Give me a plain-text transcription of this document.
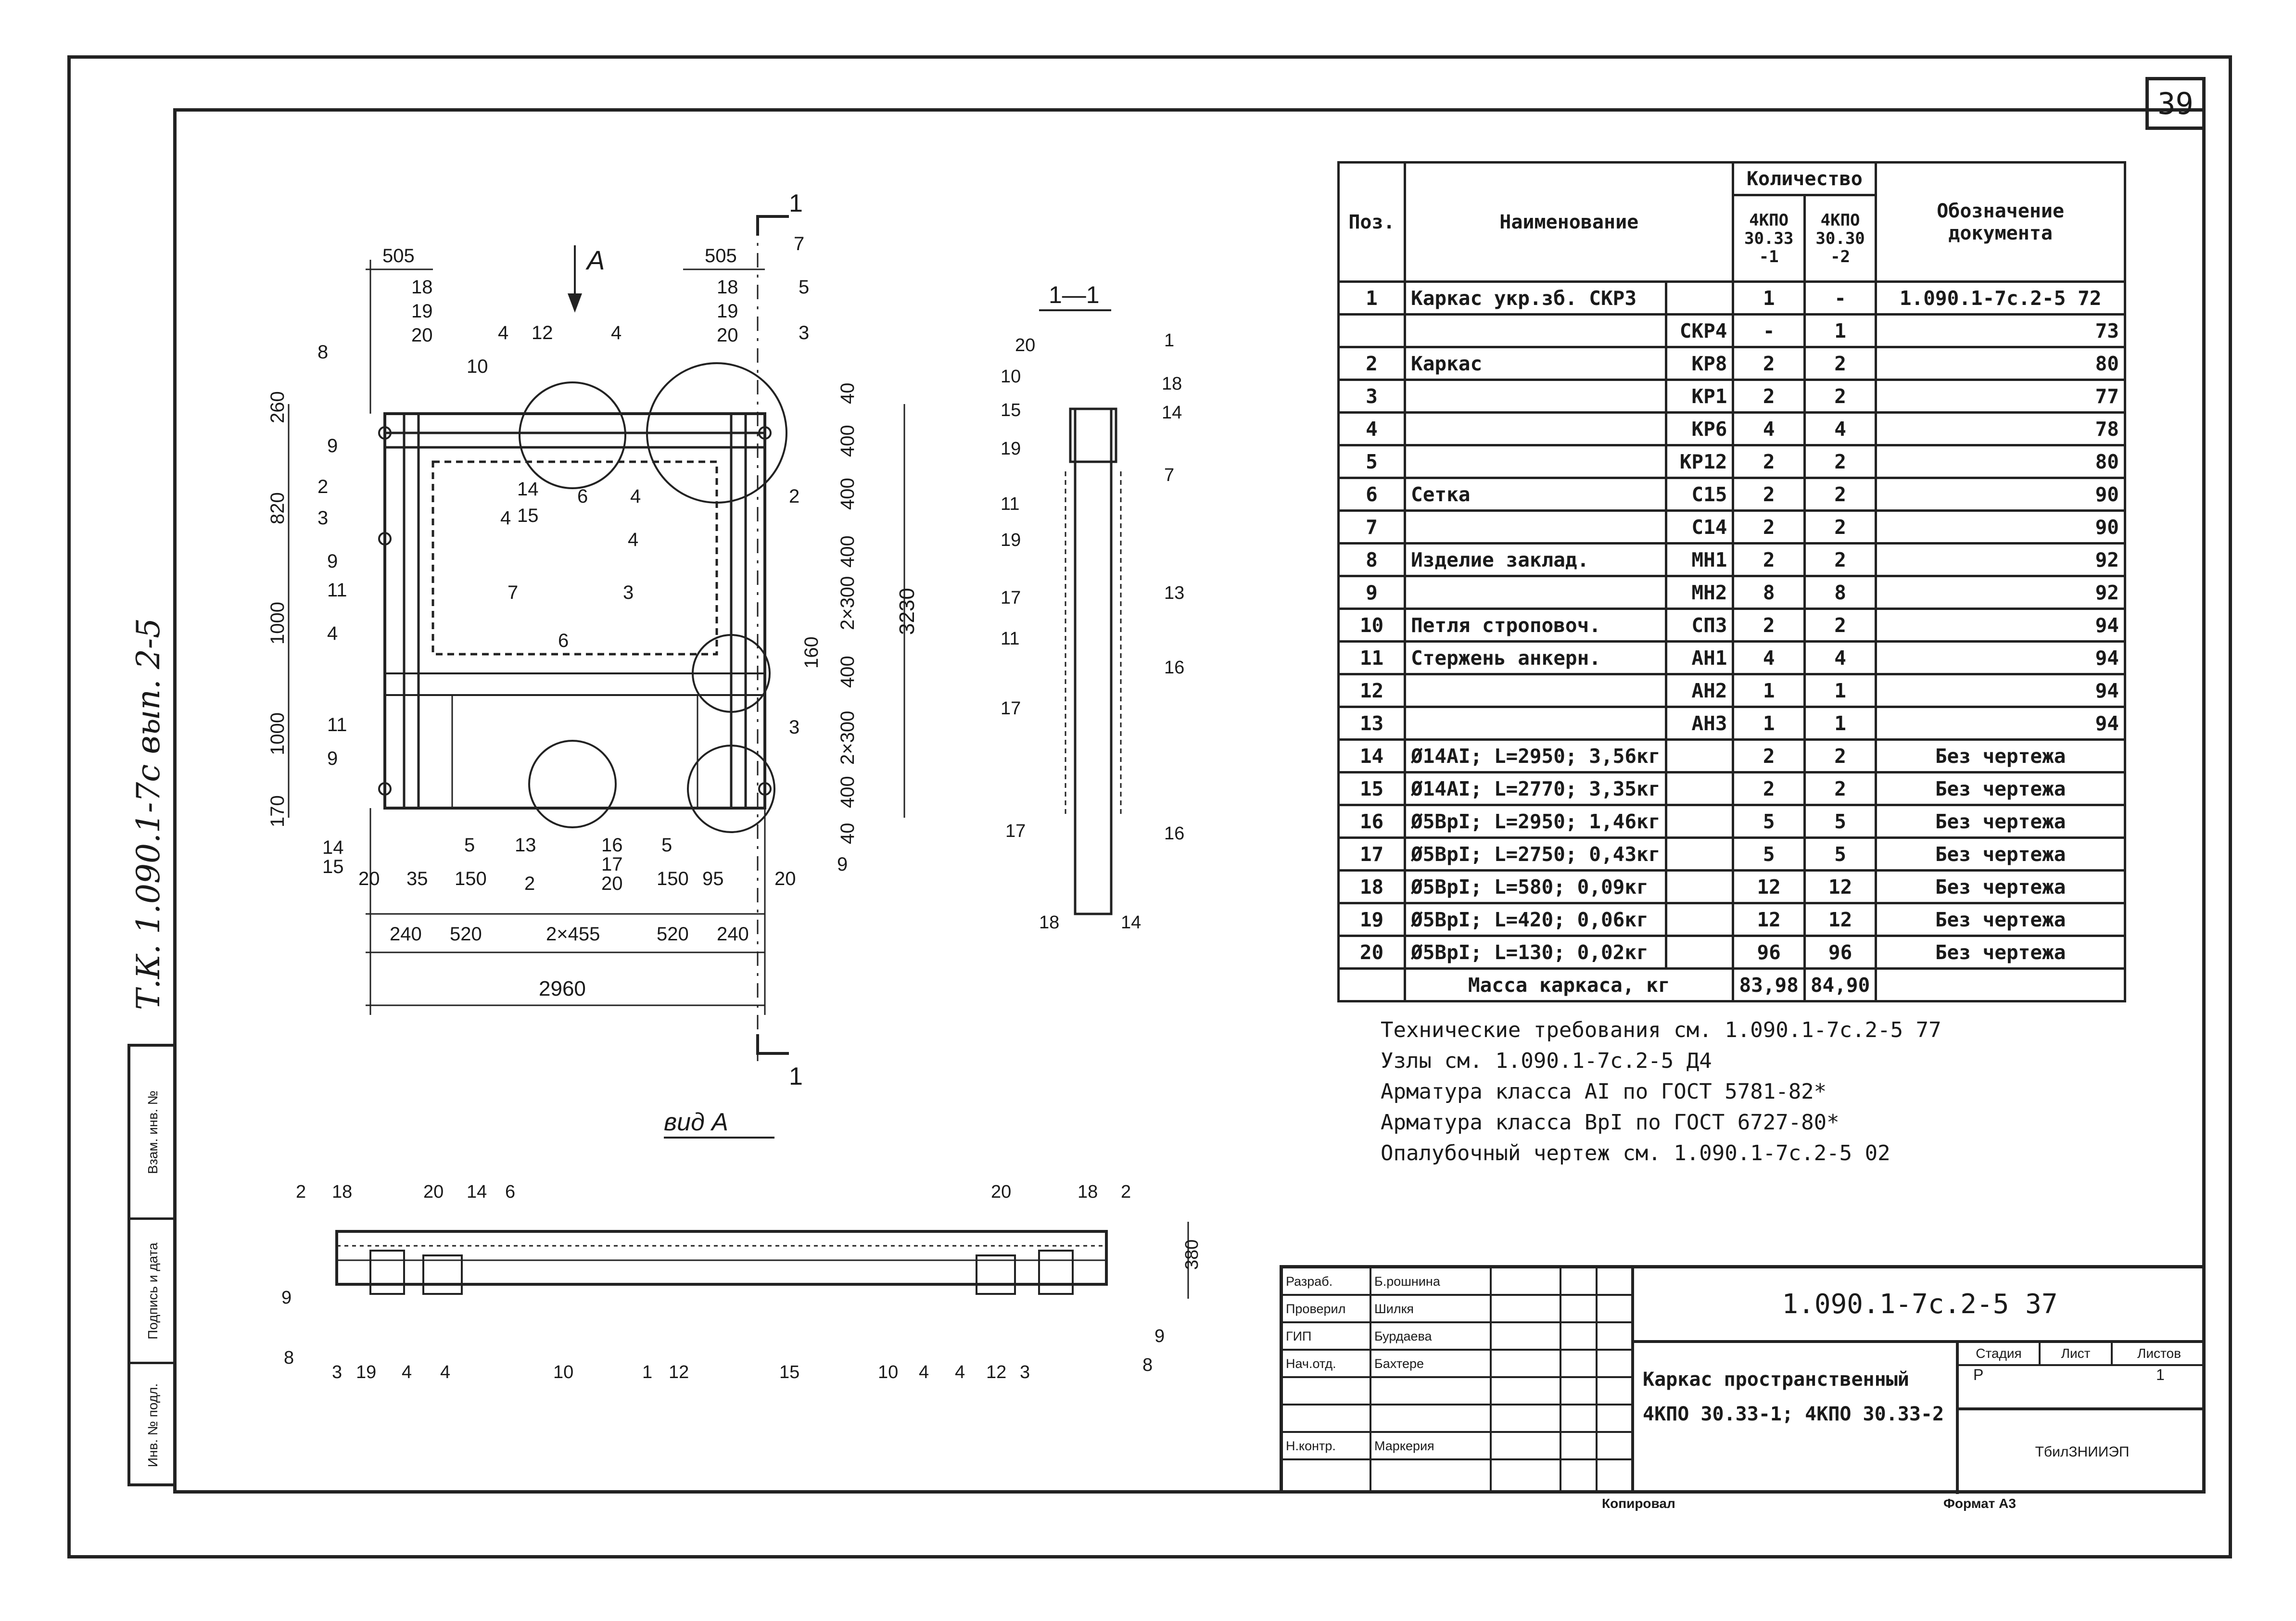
39
Т.К. 1.090.1-7с вып. 2-5
Взам. инв. №
Подпись и дата
Инв. № подл.
505	505
18
19
20
18
19
20
1
1
А
260
820
1000
1000
170
40
400
400
400
2×300
160
400
2×300
400
40
3230
20 35 150	150 95	20
240 520	2×455	520 240
2960
8
10
4 12	4
7
5
3
9
2
3
9
11
4
11
9
14
15
4
7
6
4
4
3
2
14
15
6
5 13	16
17
20
5
3
2
9
1—1
20
10
15
19
11
19
17
11
17
17
18
1
18
14
7
13
16
16
14
вид А
380
2 18	20 14 6	20	18 2
9
8
3 19 4 4	10	1 12	15	10 4 4 12 3	8
9
Поз.	Наименование		Количество		Обозначение документа
			4КПО 30.33 -1	4КПО 30.30 -2	
1	Каркас укр.зб. СКР3		1	-	1.090.1-7с.2-5 72
		СКР4	-	1	73
2	Каркас	КР8	2	2	80
3		КР1	2	2	77
4		КР6	4	4	78
5		КР12	2	2	80
6	Сетка	С15	2	2	90
7		С14	2	2	90
8	Изделие заклад.	МН1	2	2	92
9		МН2	8	8	92
10	Петля строповоч.	СП3	2	2	94
11	Стержень анкерн.	АН1	4	4	94
12		АН2	1	1	94
13		АН3	1	1	94
14	Ø14АI; L=2950; 3,56кг		2	2	Без чертежа
15	Ø14АI; L=2770; 3,35кг		2	2	Без чертежа
16	Ø5ВрI; L=2950; 1,46кг		5	5	Без чертежа
17	Ø5ВрI; L=2750; 0,43кг		5	5	Без чертежа
18	Ø5ВрI; L=580; 0,09кг		12	12	Без чертежа
19	Ø5ВрI; L=420; 0,06кг		12	12	Без чертежа
20	Ø5ВрI; L=130; 0,02кг		96	96	Без чертежа
	Масса каркаса, кг		83,98	84,90	
Технические требования см. 1.090.1-7с.2-5 77
Узлы см. 1.090.1-7с.2-5 Д4
Арматура класса АI по ГОСТ 5781-82*
Арматура класса ВрI по ГОСТ 6727-80*
Опалубочный чертеж см. 1.090.1-7с.2-5 02
Разраб.	Б.рошнина
Проверил	Шилкя
ГИП	Бурдаева
Нач.отд.	Бахтере
Н.контр.	Маркерия
1.090.1-7с.2-5 37
Каркас пространственный
4КПО 30.33-1; 4КПО 30.33-2
Стадия	Лист	Листов
Р	1
ТбилЗНИИЭП
Копировал	Формат А3
